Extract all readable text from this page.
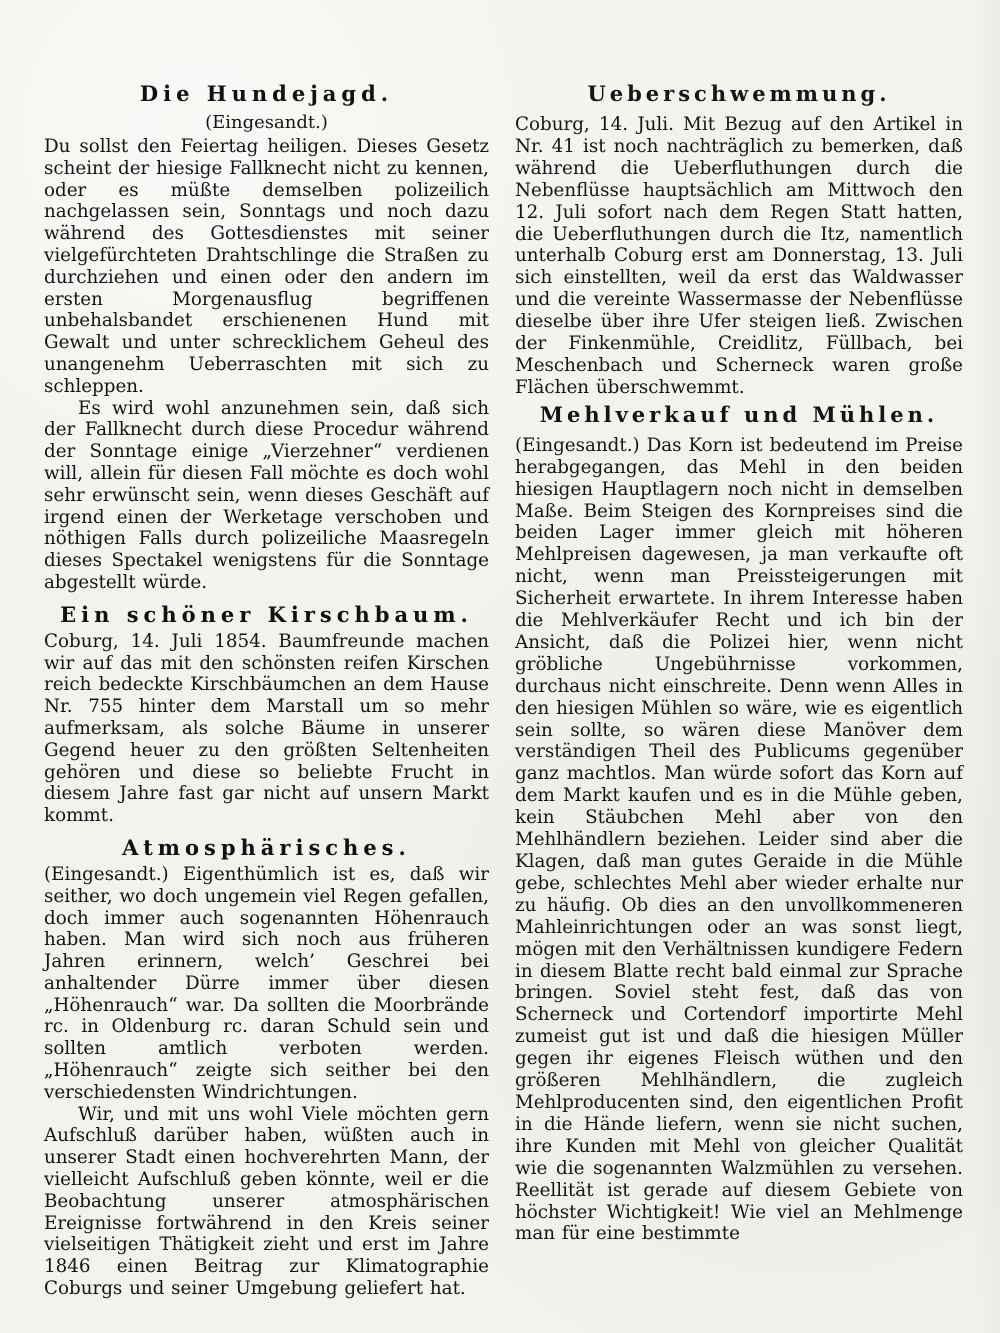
Die Hundejagd.
(Eingesandt.)

Du sollst den Feiertag heiligen. Dieses Gesetz scheint der hiesige Fallknecht nicht zu kennen, oder es müßte demselben polizeilich nachgelassen sein, Sonntags und noch dazu während des Gottesdienstes mit seiner vielgefürchteten Drahtschlinge die Straßen zu durchziehen und einen oder den andern im ersten Morgenausflug begriffenen unbehalsbandet erschienenen Hund mit Gewalt und unter schrecklichem Geheul des unangenehm Ueberraschten mit sich zu schleppen.

Es wird wohl anzunehmen sein, daß sich der Fallknecht durch diese Procedur während der Sonntage einige „Vierzehner“ verdienen will, allein für diesen Fall möchte es doch wohl sehr erwünscht sein, wenn dieses Geschäft auf irgend einen der Werketage verschoben und nöthigen Falls durch polizeiliche Maasregeln dieses Spectakel wenigstens für die Sonntage abgestellt würde.

Ein schöner Kirschbaum.

Coburg, 14. Juli 1854. Baumfreunde machen wir auf das mit den schönsten reifen Kirschen reich bedeckte Kirschbäumchen an dem Hause Nr. 755 hinter dem Marstall um so mehr aufmerksam, als solche Bäume in unserer Gegend heuer zu den größten Seltenheiten gehören und diese so beliebte Frucht in diesem Jahre fast gar nicht auf unsern Markt kommt.

Atmosphärisches.

(Eingesandt.) Eigenthümlich ist es, daß wir seither, wo doch ungemein viel Regen gefallen, doch immer auch sogenannten Höhenrauch haben. Man wird sich noch aus früheren Jahren erinnern, welch’ Geschrei bei anhaltender Dürre immer über diesen „Höhenrauch“ war. Da sollten die Moorbrände rc. in Oldenburg rc. daran Schuld sein und sollten amtlich verboten werden. „Höhenrauch“ zeigte sich seither bei den verschiedensten Windrichtungen.

Wir, und mit uns wohl Viele möchten gern Aufschluß darüber haben, wüßten auch in unserer Stadt einen hochverehrten Mann, der vielleicht Aufschluß geben könnte, weil er die Beobachtung unserer atmosphärischen Ereignisse fortwährend in den Kreis seiner vielseitigen Thätigkeit zieht und erst im Jahre 1846 einen Beitrag zur Klimatographie Coburgs und seiner Umgebung geliefert hat.

Ueberschwemmung.

Coburg, 14. Juli. Mit Bezug auf den Artikel in Nr. 41 ist noch nachträglich zu bemerken, daß während die Ueberfluthungen durch die Nebenflüsse hauptsächlich am Mittwoch den 12. Juli sofort nach dem Regen Statt hatten, die Ueberfluthungen durch die Itz, namentlich unterhalb Coburg erst am Donnerstag, 13. Juli sich einstellten, weil da erst das Waldwasser und die vereinte Wassermasse der Nebenflüsse dieselbe über ihre Ufer steigen ließ. Zwischen der Finkenmühle, Creidlitz, Füllbach, bei Meschenbach und Scherneck waren große Flächen überschwemmt.

Mehlverkauf und Mühlen.

(Eingesandt.) Das Korn ist bedeutend im Preise herabgegangen, das Mehl in den beiden hiesigen Hauptlagern noch nicht in demselben Maße. Beim Steigen des Kornpreises sind die beiden Lager immer gleich mit höheren Mehlpreisen dagewesen, ja man verkaufte oft nicht, wenn man Preissteigerungen mit Sicherheit erwartete. In ihrem Interesse haben die Mehlverkäufer Recht und ich bin der Ansicht, daß die Polizei hier, wenn nicht gröbliche Ungebührnisse vorkommen, durchaus nicht einschreite. Denn wenn Alles in den hiesigen Mühlen so wäre, wie es eigentlich sein sollte, so wären diese Manöver dem verständigen Theil des Publicums gegenüber ganz machtlos. Man würde sofort das Korn auf dem Markt kaufen und es in die Mühle geben, kein Stäubchen Mehl aber von den Mehlhändlern beziehen. Leider sind aber die Klagen, daß man gutes Geraide in die Mühle gebe, schlechtes Mehl aber wieder erhalte nur zu häufig. Ob dies an den unvollkommeneren Mahleinrichtungen oder an was sonst liegt, mögen mit den Verhältnissen kundigere Federn in diesem Blatte recht bald einmal zur Sprache bringen. Soviel steht fest, daß das von Scherneck und Cortendorf importirte Mehl zumeist gut ist und daß die hiesigen Müller gegen ihr eigenes Fleisch wüthen und den größeren Mehlhändlern, die zugleich Mehlproducenten sind, den eigentlichen Profit in die Hände liefern, wenn sie nicht suchen, ihre Kunden mit Mehl von gleicher Qualität wie die sogenannten Walzmühlen zu versehen. Reellität ist gerade auf diesem Gebiete von höchster Wichtigkeit! Wie viel an Mehlmenge man für eine bestimmte
